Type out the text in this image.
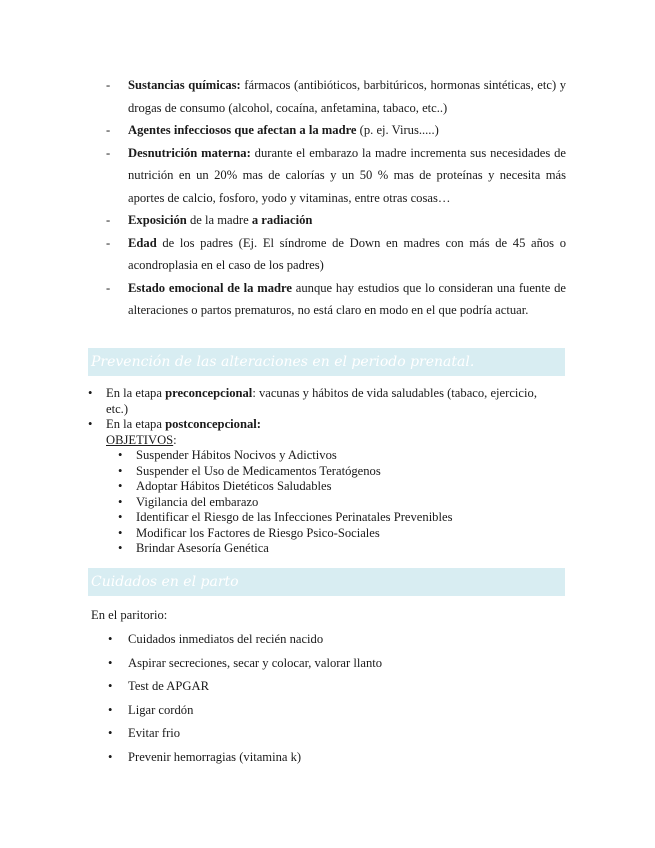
-	Sustancias químicas: fármacos (antibióticos, barbitúricos, hormonas sintéticas, etc) y drogas de consumo (alcohol, cocaína, anfetamina, tabaco, etc..)
-	Agentes infecciosos que afectan a la madre (p. ej. Virus.....)
-	Desnutrición materna: durante el embarazo la madre incrementa sus necesidades de nutrición en un 20% mas de calorías y un 50 % mas de proteínas y necesita más aportes de calcio, fosforo, yodo y vitaminas, entre otras cosas…
-	Exposición de la madre a radiación
-	Edad de los padres (Ej. El síndrome de Down en madres con más de 45 años o acondroplasia en el caso de los padres)
-	Estado emocional de la madre aunque hay estudios que lo consideran una fuente de alteraciones o partos prematuros, no está claro en modo en el que podría actuar.
Prevención de las alteraciones en el periodo prenatal.
• En la etapa preconcepcional: vacunas y hábitos de vida saludables (tabaco, ejercicio, etc.)
• En la etapa postconcepcional:
OBJETIVOS:
• Suspender Hábitos Nocivos y Adictivos
• Suspender el Uso de Medicamentos Teratógenos
• Adoptar Hábitos Dietéticos Saludables
• Vigilancia del embarazo
• Identificar el Riesgo de las Infecciones Perinatales Prevenibles
• Modificar los Factores de Riesgo Psico-Sociales
• Brindar Asesoría Genética
Cuidados en el parto
En el paritorio:
• Cuidados inmediatos del recién nacido
• Aspirar secreciones, secar y colocar, valorar llanto
• Test de APGAR
• Ligar cordón
• Evitar frio
• Prevenir hemorragias (vitamina k)
